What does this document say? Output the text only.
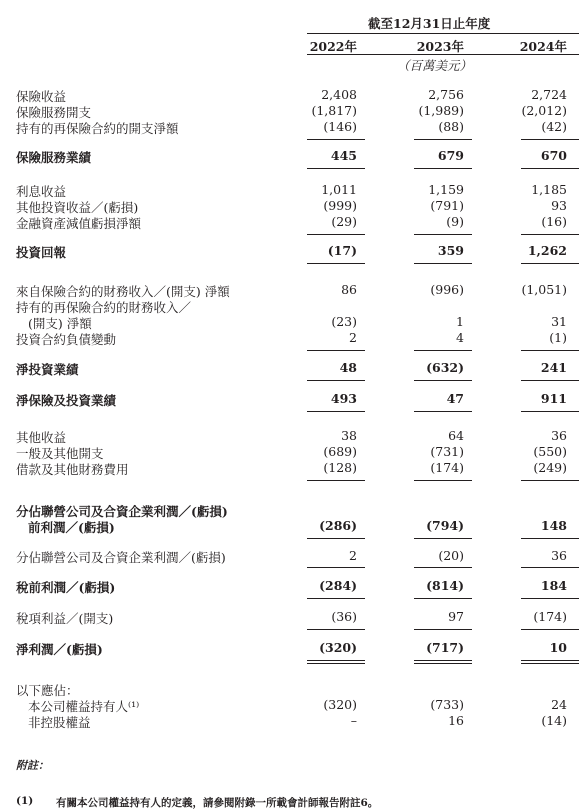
截至12月31日止年度
2022年	2023年	2024年
（百萬美元）
保險收益	2,408	2,756	2,724
保險服務開支	(1,817)	(1,989)	(2,012)
持有的再保險合約的開支淨額	(146)	(88)	(42)
保險服務業績	445	679	670
利息收益	1,011	1,159	1,185
其他投資收益／(虧損)	(999)	(791)	93
金融資產減值虧損淨額	(29)	(9)	(16)
投資回報	(17)	359	1,262
來自保險合約的財務收入／(開支) 淨額	86	(996)	(1,051)
持有的再保險合約的財務收入／
(開支) 淨額	(23)	1	31
投資合約負債變動	2	4	(1)
淨投資業績	48	(632)	241
淨保險及投資業績	493	47	911
其他收益	38	64	36
一般及其他開支	(689)	(731)	(550)
借款及其他財務費用	(128)	(174)	(249)
分佔聯營公司及合資企業利潤／(虧損)
前利潤／(虧損)	(286)	(794)	148
分佔聯營公司及合資企業利潤／(虧損)	2	(20)	36
稅前利潤／(虧損)	(284)	(814)	184
稅項利益／(開支)	(36)	97	(174)
淨利潤／(虧損)	(320)	(717)	10
以下應佔：
本公司權益持有人⁽¹⁾	(320)	(733)	24
非控股權益	–	16	(14)
附註：
(1) 有關本公司權益持有人的定義，請參閱附錄一所載會計師報告附註6。
